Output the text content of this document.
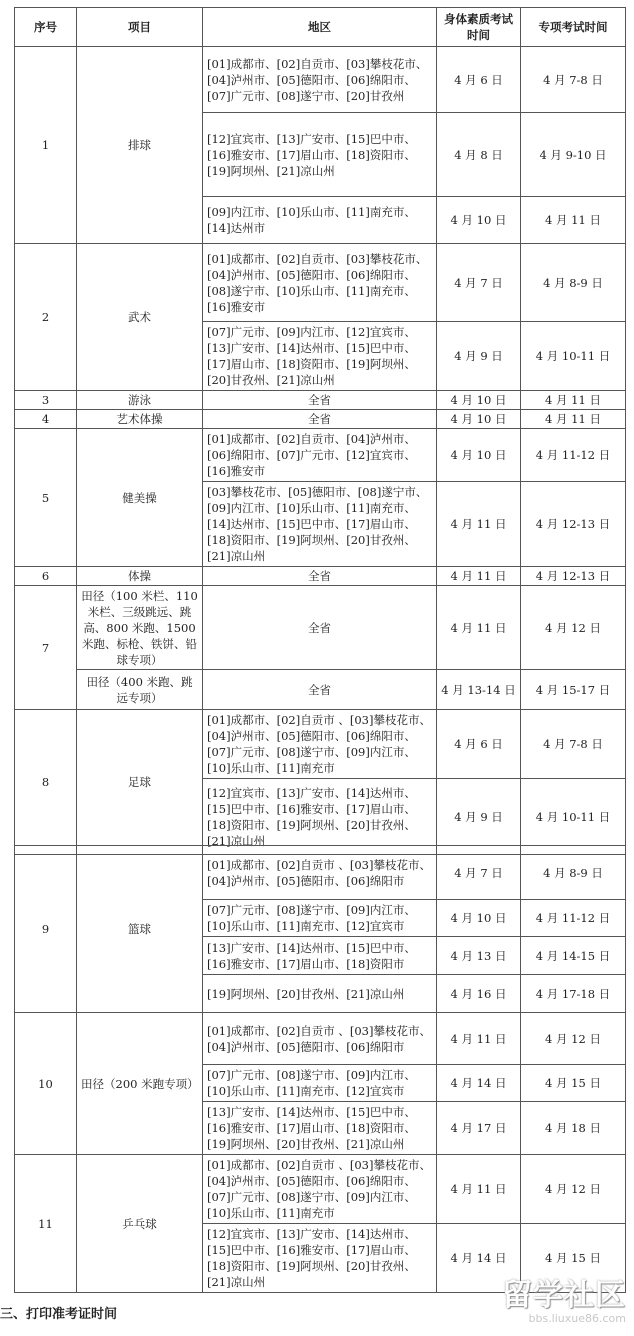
序号	项目	地区	身体素质考试时间	专项考试时间
1	排球	[01]成都市、[02]自贡市、[03]攀枝花市、[04]泸州市、[05]德阳市、[06]绵阳市、[07]广元市、[08]遂宁市、[20]甘孜州	4 月 6 日	4 月 7-8 日
		[12]宜宾市、[13]广安市、[15]巴中市、[16]雅安市、[17]眉山市、[18]资阳市、[19]阿坝州、[21]凉山州	4 月 8 日	4 月 9-10 日
		[09]内江市、[10]乐山市、[11]南充市、[14]达州市	4 月 10 日	4 月 11 日
2	武术	[01]成都市、[02]自贡市、[03]攀枝花市、[04]泸州市、[05]德阳市、[06]绵阳市、[08]遂宁市、[10]乐山市、[11]南充市、[16]雅安市	4 月 7 日	4 月 8-9 日
		[07]广元市、[09]内江市、[12]宜宾市、[13]广安市、[14]达州市、[15]巴中市、[17]眉山市、[18]资阳市、[19]阿坝州、[20]甘孜州、[21]凉山州	4 月 9 日	4 月 10-11 日
3	游泳	全省	4 月 10 日	4 月 11 日
4	艺术体操	全省	4 月 10 日	4 月 11 日
5	健美操	[01]成都市、[02]自贡市、[04]泸州市、[06]绵阳市、[07]广元市、[12]宜宾市、[16]雅安市	4 月 10 日	4 月 11-12 日
		[03]攀枝花市、[05]德阳市、[08]遂宁市、[09]内江市、[10]乐山市、[11]南充市、[14]达州市、[15]巴中市、[17]眉山市、[18]资阳市、[19]阿坝州、[20]甘孜州、[21]凉山州	4 月 11 日	4 月 12-13 日
6	体操	全省	4 月 11 日	4 月 12-13 日
7	田径（100 米栏、110 米栏、三级跳远、跳高、800 米跑、1500 米跑、标枪、铁饼、铅球专项）	全省	4 月 11 日	4 月 12 日
	田径（400 米跑、跳远专项）	全省	4 月 13-14 日	4 月 15-17 日
8	足球	[01]成都市、[02]自贡市 、[03]攀枝花市、[04]泸州市、[05]德阳市、[06]绵阳市、[07]广元市、[08]遂宁市、[09]内江市、[10]乐山市、[11]南充市	4 月 6 日	4 月 7-8 日
		[12]宜宾市、[13]广安市、[14]达州市、[15]巴中市、[16]雅安市、[17]眉山市、[18]资阳市、[19]阿坝州、[20]甘孜州、[21]凉山州	4 月 9 日	4 月 10-11 日
9	篮球	[01]成都市、[02]自贡市 、[03]攀枝花市、[04]泸州市、[05]德阳市、[06]绵阳市	4 月 7 日	4 月 8-9 日
		[07]广元市、[08]遂宁市、[09]内江市、[10]乐山市、[11]南充市、[12]宜宾市	4 月 10 日	4 月 11-12 日
		[13]广安市、[14]达州市、[15]巴中市、[16]雅安市、[17]眉山市、[18]资阳市	4 月 13 日	4 月 14-15 日
		[19]阿坝州、[20]甘孜州、[21]凉山州	4 月 16 日	4 月 17-18 日
10	田径（200 米跑专项）	[01]成都市、[02]自贡市 、[03]攀枝花市、[04]泸州市、[05]德阳市、[06]绵阳市	4 月 11 日	4 月 12 日
		[07]广元市、[08]遂宁市、[09]内江市、[10]乐山市、[11]南充市、[12]宜宾市	4 月 14 日	4 月 15 日
		[13]广安市、[14]达州市、[15]巴中市、[16]雅安市、[17]眉山市、[18]资阳市、[19]阿坝州、[20]甘孜州、[21]凉山州	4 月 17 日	4 月 18 日
11	乒乓球	[01]成都市、[02]自贡市 、[03]攀枝花市、[04]泸州市、[05]德阳市、[06]绵阳市、[07]广元市、[08]遂宁市、[09]内江市、[10]乐山市、[11]南充市	4 月 11 日	4 月 12 日
		[12]宜宾市、[13]广安市、[14]达州市、[15]巴中市、[16]雅安市、[17]眉山市、[18]资阳市、[19]阿坝州、[20]甘孜州、[21]凉山州	4 月 14 日	4 月 15 日
三、打印准考证时间
留学社区
bbs.liuxue86.com
